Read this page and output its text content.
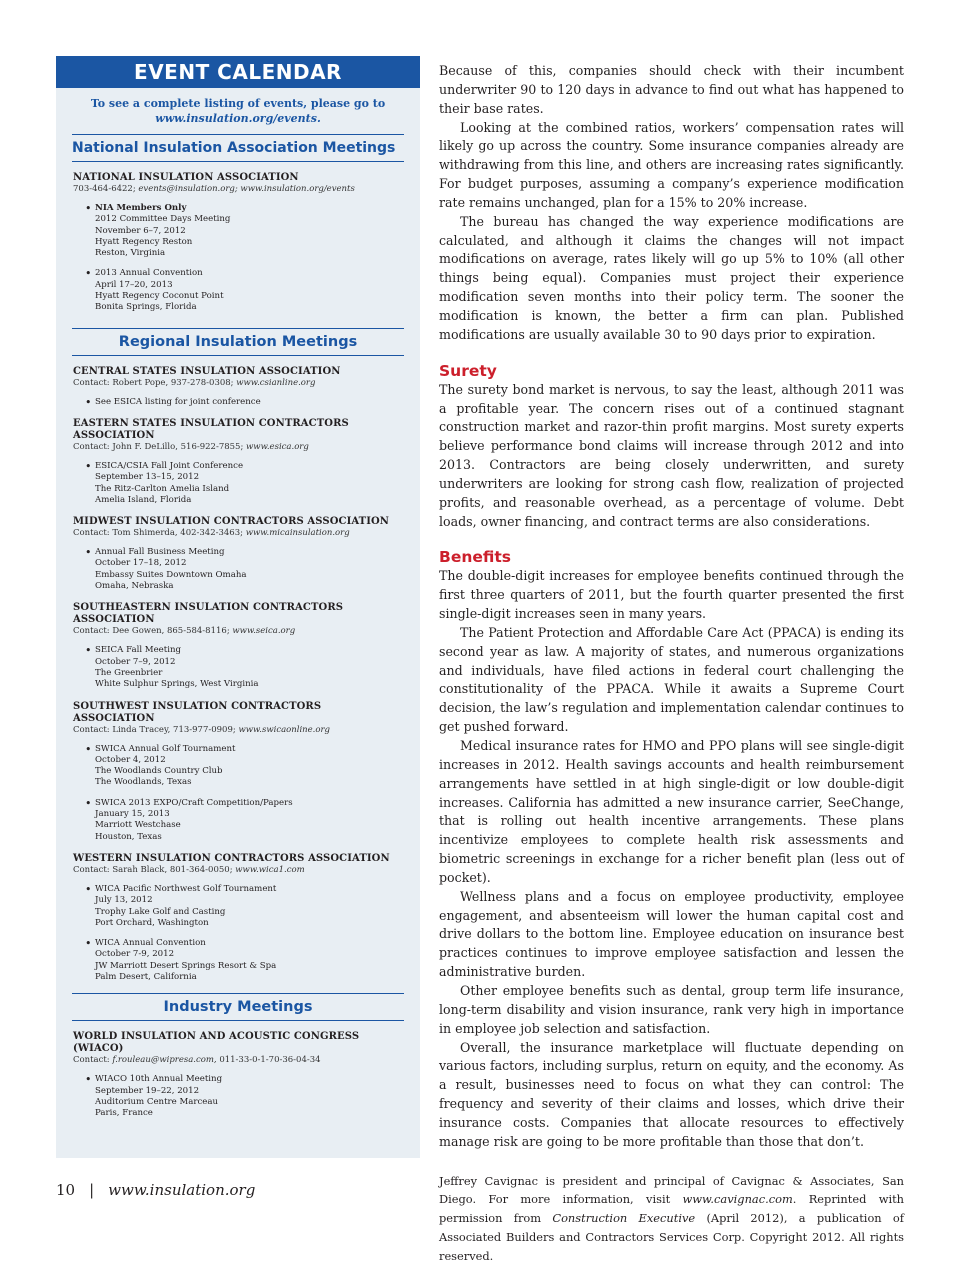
EVENT CALENDAR
To see a complete listing of events, please go to
www.insulation.org/events.
National Insulation Association Meetings
NATIONAL INSULATION ASSOCIATION
703-464-6422; events@insulation.org; www.insulation.org/events
• NIA Members Only
2012 Committee Days Meeting
November 6–7, 2012
Hyatt Regency Reston
Reston, Virginia
• 2013 Annual Convention
April 17–20, 2013
Hyatt Regency Coconut Point
Bonita Springs, Florida
Regional Insulation Meetings
CENTRAL STATES INSULATION ASSOCIATION
Contact: Robert Pope, 937-278-0308; www.csianline.org
• See ESICA listing for joint conference
EASTERN STATES INSULATION CONTRACTORS ASSOCIATION
Contact: John F. DeLillo, 516-922-7855; www.esica.org
• ESICA/CSIA Fall Joint Conference
September 13–15, 2012
The Ritz-Carlton Amelia Island
Amelia Island, Florida
MIDWEST INSULATION CONTRACTORS ASSOCIATION
Contact: Tom Shimerda, 402-342-3463; www.micainsulation.org
• Annual Fall Business Meeting
October 17–18, 2012
Embassy Suites Downtown Omaha
Omaha, Nebraska
SOUTHEASTERN INSULATION CONTRACTORS ASSOCIATION
Contact: Dee Gowen, 865-584-8116; www.seica.org
• SEICA Fall Meeting
October 7–9, 2012
The Greenbrier
White Sulphur Springs, West Virginia
SOUTHWEST INSULATION CONTRACTORS ASSOCIATION
Contact: Linda Tracey, 713-977-0909; www.swicaonline.org
• SWICA Annual Golf Tournament
October 4, 2012
The Woodlands Country Club
The Woodlands, Texas
• SWICA 2013 EXPO/Craft Competition/Papers
January 15, 2013
Marriott Westchase
Houston, Texas
WESTERN INSULATION CONTRACTORS ASSOCIATION
Contact: Sarah Black, 801-364-0050; www.wica1.com
• WICA Pacific Northwest Golf Tournament
July 13, 2012
Trophy Lake Golf and Casting
Port Orchard, Washington
• WICA Annual Convention
October 7-9, 2012
JW Marriott Desert Springs Resort & Spa
Palm Desert, California
Industry Meetings
WORLD INSULATION AND ACOUSTIC CONGRESS (WIACO)
Contact: f.rouleau@wipresa.com, 011-33-0-1-70-36-04-34
• WIACO 10th Annual Meeting
September 19–22, 2012
Auditorium Centre Marceau
Paris, France

Because of this, companies should check with their incumbent underwriter 90 to 120 days in advance to find out what has happened to their base rates.

Looking at the combined ratios, workers’ compensation rates will likely go up across the country. Some insurance companies already are withdrawing from this line, and others are increasing rates significantly. For budget purposes, assuming a company’s experience modification rate remains unchanged, plan for a 15% to 20% increase.

The bureau has changed the way experience modifications are calculated, and although it claims the changes will not impact modifications on average, rates likely will go up 5% to 10% (all other things being equal). Companies must project their experience modification seven months into their policy term. The sooner the modification is known, the better a firm can plan. Published modifications are usually available 30 to 90 days prior to expiration.

Surety

The surety bond market is nervous, to say the least, although 2011 was a profitable year. The concern rises out of a continued stagnant construction market and razor-thin profit margins. Most surety experts believe performance bond claims will increase through 2012 and into 2013. Contractors are being closely underwritten, and surety underwriters are looking for strong cash flow, realization of projected profits, and reasonable overhead, as a percentage of volume. Debt loads, owner financing, and contract terms are also considerations.

Benefits

The double-digit increases for employee benefits continued through the first three quarters of 2011, but the fourth quarter presented the first single-digit increases seen in many years.

The Patient Protection and Affordable Care Act (PPACA) is ending its second year as law. A majority of states, and numerous organizations and individuals, have filed actions in federal court challenging the constitutionality of the PPACA. While it awaits a Supreme Court decision, the law’s regulation and implementation calendar continues to get pushed forward.

Medical insurance rates for HMO and PPO plans will see single-digit increases in 2012. Health savings accounts and health reimbursement arrangements have settled in at high single-digit or low double-digit increases. California has admitted a new insurance carrier, SeeChange, that is rolling out health incentive arrangements. These plans incentivize employees to complete health risk assessments and biometric screenings in exchange for a richer benefit plan (less out of pocket).

Wellness plans and a focus on employee productivity, employee engagement, and absenteeism will lower the human capital cost and drive dollars to the bottom line. Employee education on insurance best practices continues to improve employee satisfaction and lessen the administrative burden.

Other employee benefits such as dental, group term life insurance, long-term disability and vision insurance, rank very high in importance in employee job selection and satisfaction.

Overall, the insurance marketplace will fluctuate depending on various factors, including surplus, return on equity, and the economy. As a result, businesses need to focus on what they can control: The frequency and severity of their claims and losses, which drive their insurance costs. Companies that allocate resources to effectively manage risk are going to be more profitable than those that don’t.

Jeffrey Cavignac is president and principal of Cavignac & Associates, San Diego. For more information, visit www.cavignac.com. Reprinted with permission from Construction Executive (April 2012), a publication of Associated Builders and Contractors Services Corp. Copyright 2012. All rights reserved.

10 | www.insulation.org
